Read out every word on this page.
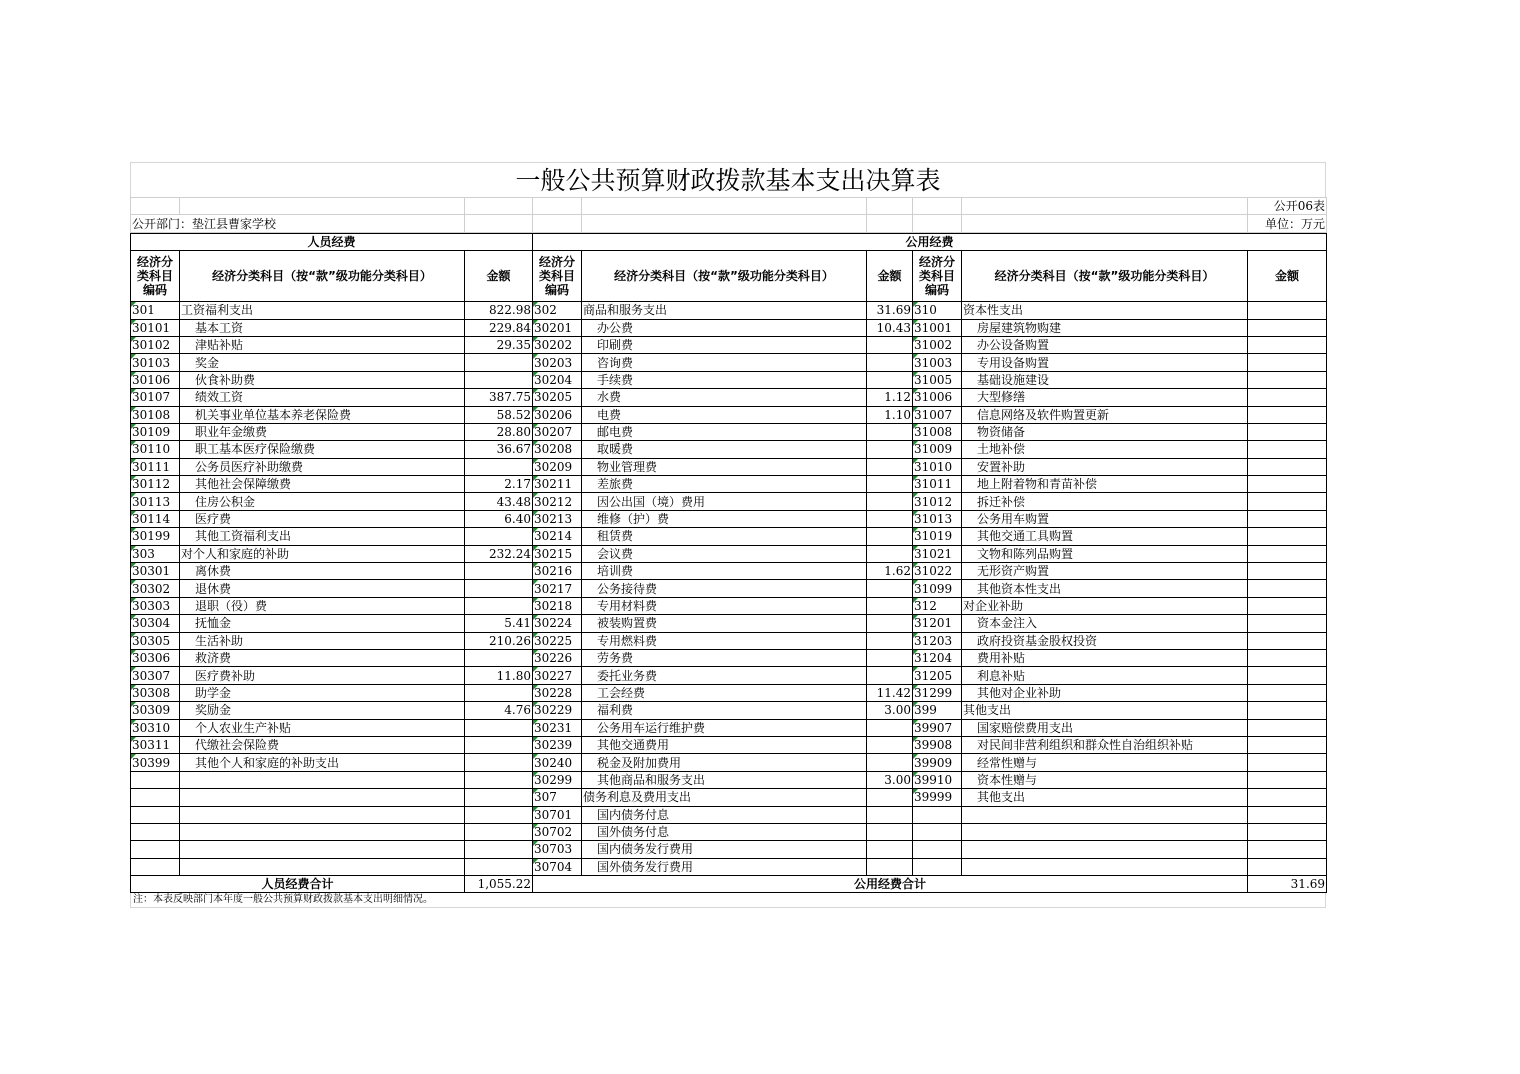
一般公共预算财政拨款基本支出决算表
								公开06表
公开部门：垫江县曹家学校								单位：万元
人员经费			公用经费					
经济分类科目编码	经济分类科目（按“款”级功能分类科目）	金额	经济分类科目编码	经济分类科目（按“款”级功能分类科目）	金额	经济分类科目编码	经济分类科目（按“款”级功能分类科目）	金额
301	工资福利支出	822.98	302	商品和服务支出	31.69	310	资本性支出	
30101	基本工资	229.84	30201	办公费	10.43	31001	房屋建筑物购建	
30102	津贴补贴	29.35	30202	印刷费		31002	办公设备购置	
30103	奖金		30203	咨询费		31003	专用设备购置	
30106	伙食补助费		30204	手续费		31005	基础设施建设	
30107	绩效工资	387.75	30205	水费	1.12	31006	大型修缮	
30108	机关事业单位基本养老保险费	58.52	30206	电费	1.10	31007	信息网络及软件购置更新	
30109	职业年金缴费	28.80	30207	邮电费		31008	物资储备	
30110	职工基本医疗保险缴费	36.67	30208	取暖费		31009	土地补偿	
30111	公务员医疗补助缴费		30209	物业管理费		31010	安置补助	
30112	其他社会保障缴费	2.17	30211	差旅费		31011	地上附着物和青苗补偿	
30113	住房公积金	43.48	30212	因公出国（境）费用		31012	拆迁补偿	
30114	医疗费	6.40	30213	维修（护）费		31013	公务用车购置	
30199	其他工资福利支出		30214	租赁费		31019	其他交通工具购置	
303	对个人和家庭的补助	232.24	30215	会议费		31021	文物和陈列品购置	
30301	离休费		30216	培训费	1.62	31022	无形资产购置	
30302	退休费		30217	公务接待费		31099	其他资本性支出	
30303	退职（役）费		30218	专用材料费		312	对企业补助	
30304	抚恤金	5.41	30224	被装购置费		31201	资本金注入	
30305	生活补助	210.26	30225	专用燃料费		31203	政府投资基金股权投资	
30306	救济费		30226	劳务费		31204	费用补贴	
30307	医疗费补助	11.80	30227	委托业务费		31205	利息补贴	
30308	助学金		30228	工会经费	11.42	31299	其他对企业补助	
30309	奖励金	4.76	30229	福利费	3.00	399	其他支出	
30310	个人农业生产补贴		30231	公务用车运行维护费		39907	国家赔偿费用支出	
30311	代缴社会保险费		30239	其他交通费用		39908	对民间非营利组织和群众性自治组织补贴	
30399	其他个人和家庭的补助支出		30240	税金及附加费用		39909	经常性赠与	
			30299	其他商品和服务支出	3.00	39910	资本性赠与	
			307	债务利息及费用支出		39999	其他支出	
			30701	国内债务付息				
			30702	国外债务付息				
			30703	国内债务发行费用				
			30704	国外债务发行费用				
人员经费合计		1,055.22	公用经费合计					31.69
注：本表反映部门本年度一般公共预算财政拨款基本支出明细情况。
